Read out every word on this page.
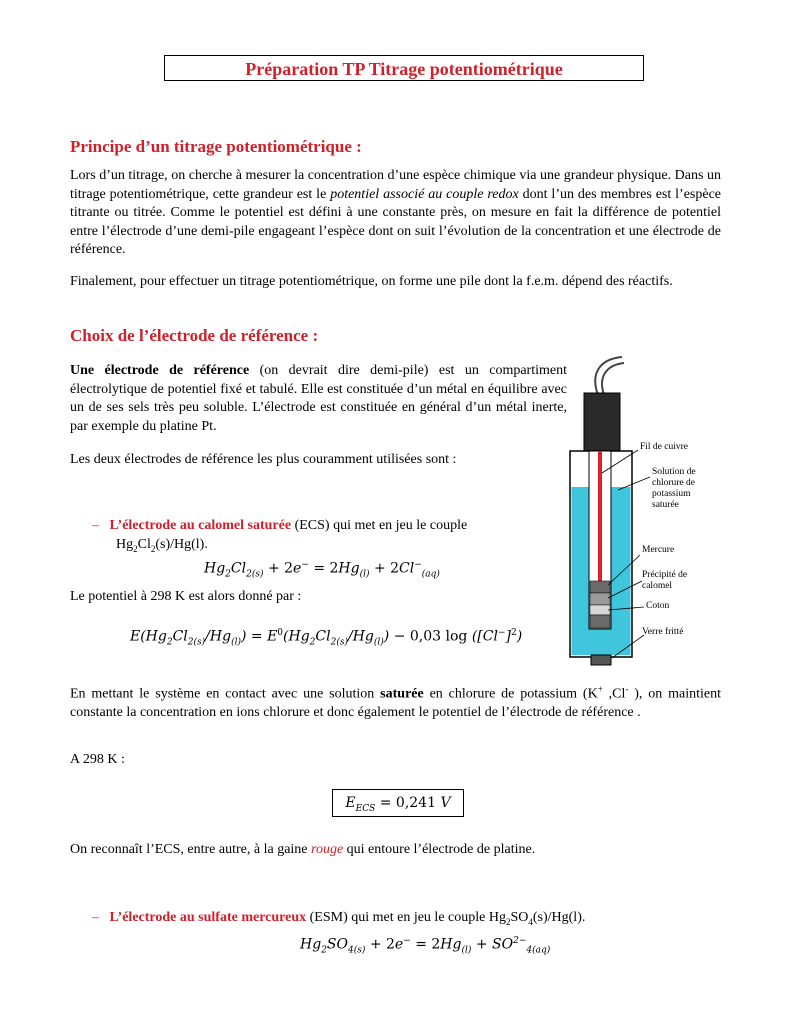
Préparation TP Titrage potentiométrique
Principe d’un titrage potentiométrique :
Lors d’un titrage, on cherche à mesurer la concentration d’une espèce chimique via une grandeur physique. Dans un titrage potentiométrique, cette grandeur est le potentiel associé au couple redox dont l’un des membres est l’espèce titrante ou titrée. Comme le potentiel est défini à une constante près, on mesure en fait la différence de potentiel entre l’électrode d’une demi-pile engageant l’espèce dont on suit l’évolution de la concentration et une électrode de référence.
Finalement, pour effectuer un titrage potentiométrique, on forme une pile dont la f.e.m. dépend des réactifs.
Choix de l’électrode de référence :
Une électrode de référence (on devrait dire demi-pile) est un compartiment électrolytique de potentiel fixé et tabulé. Elle est constituée d’un métal en équilibre avec un de ses sels très peu soluble. L’électrode est constituée en général d’un métal inerte, par exemple du platine Pt.
Les deux électrodes de référence les plus couramment utilisées sont :
– L’électrode au calomel saturée (ECS) qui met en jeu le couple
$Hg_2Cl_2(s)/Hg(l)$.
$Hg_2Cl_{2(s)} + 2e^- = 2Hg_{(l)} + 2Cl^-_{(aq)}$
Le potentiel à 298 K est alors donné par :
$E(Hg_2Cl_{2(s)}/Hg_{(l)}) = E^0(Hg_2Cl_{2(s)}/Hg_{(l)}) - 0,03$ $\log ([Cl^-]^2)$
En mettant le système en contact avec une solution saturée en chlorure de potassium (K+ ,Cl- ), on maintient constante la concentration en ions chlorure et donc également le potentiel de l’électrode de référence .
A 298 K :
$E_{ECS} = 0,241$ V
On reconnaît l’ECS, entre autre, à la gaine rouge qui entoure l’électrode de platine.
– L’électrode au sulfate mercureux (ESM) qui met en jeu le couple $Hg_2SO_4(s)/Hg(l)$.
$Hg_2SO_{4(s)} + 2e^- = 2Hg_{(l)} + SO^{2-}_{4(aq)}$
Fil de cuivre
Solution de chlorure de potassium saturée
Mercure
Précipité de calomel
Coton
Verre fritté
